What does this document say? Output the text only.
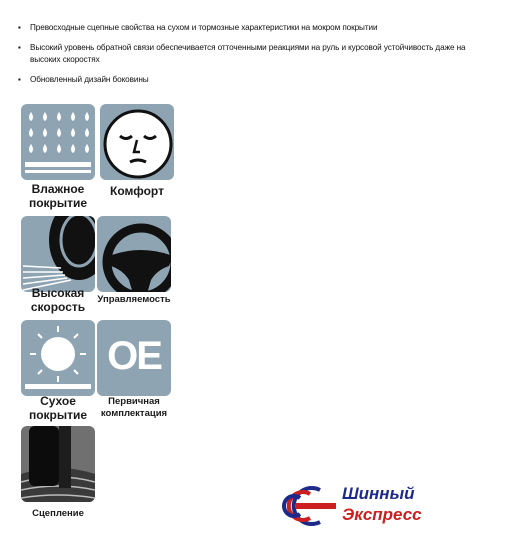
▪ Превосходные сцепные свойства на сухом и тормозные характеристики на мокром покрытии
▪ Высокий уровень обратной связи обеспечивается отточенными реакциями на руль и курсовой устойчивость даже на высоких скоростях
▪ Обновленный дизайн боковины
Влажное
покрытие
Комфорт
Высокая
скорость
Управляемость
Сухое
покрытие
OE
Первичная
комплектация
Сцепление
Шинный
Экспресс
